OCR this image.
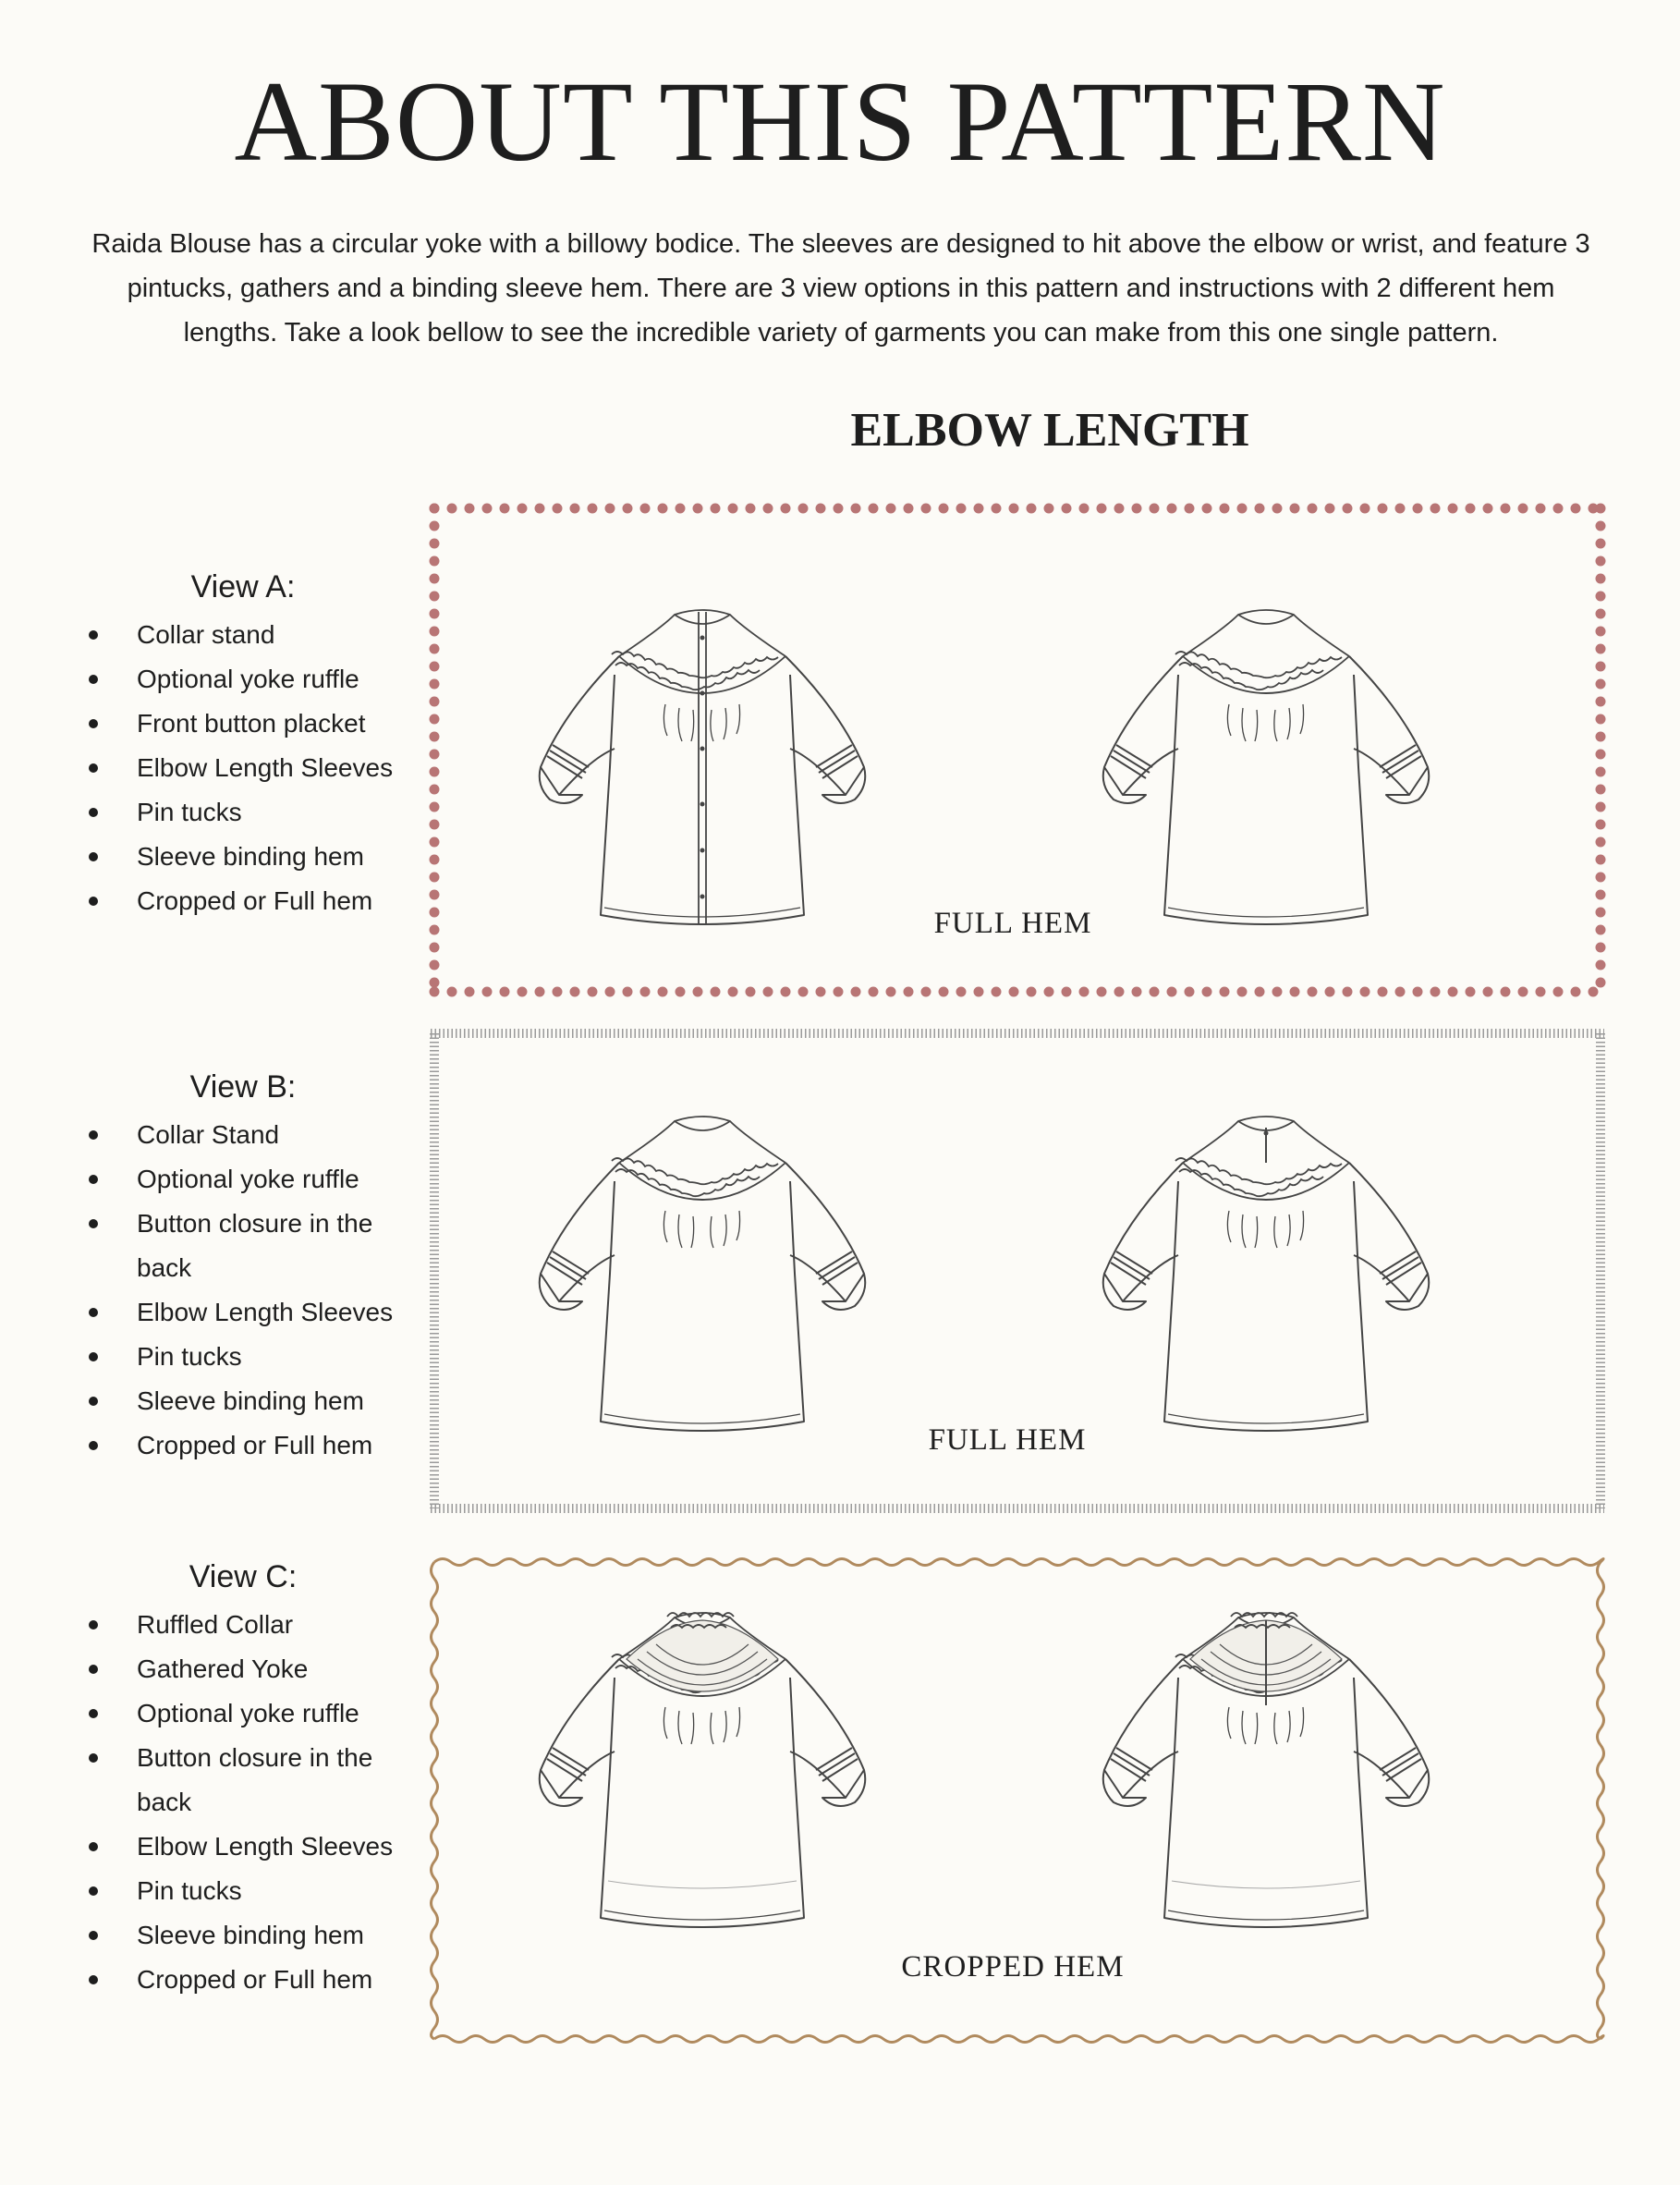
ABOUT THIS PATTERN

Raida Blouse has a circular yoke with a billowy bodice. The sleeves are designed to hit above the elbow or wrist, and feature 3 pintucks, gathers and a binding sleeve hem. There are 3 view options in this pattern and instructions with 2 different hem lengths. Take a look bellow to see the incredible variety of garments you can make from this one single pattern.

ELBOW LENGTH
View A:
Collar stand
Optional yoke ruffle
Front button placket
Elbow Length Sleeves
Pin tucks
Sleeve binding hem
Cropped or Full hem
View B:
Collar Stand
Optional yoke ruffle
Button closure in the
back
Elbow Length Sleeves
Pin tucks
Sleeve binding hem
Cropped or Full hem
View C:
Ruffled Collar
Gathered Yoke
Optional yoke ruffle
Button closure in the
back
Elbow Length Sleeves
Pin tucks
Sleeve binding hem
Cropped or Full hem
FULL HEM
FULL HEM
CROPPED HEM
